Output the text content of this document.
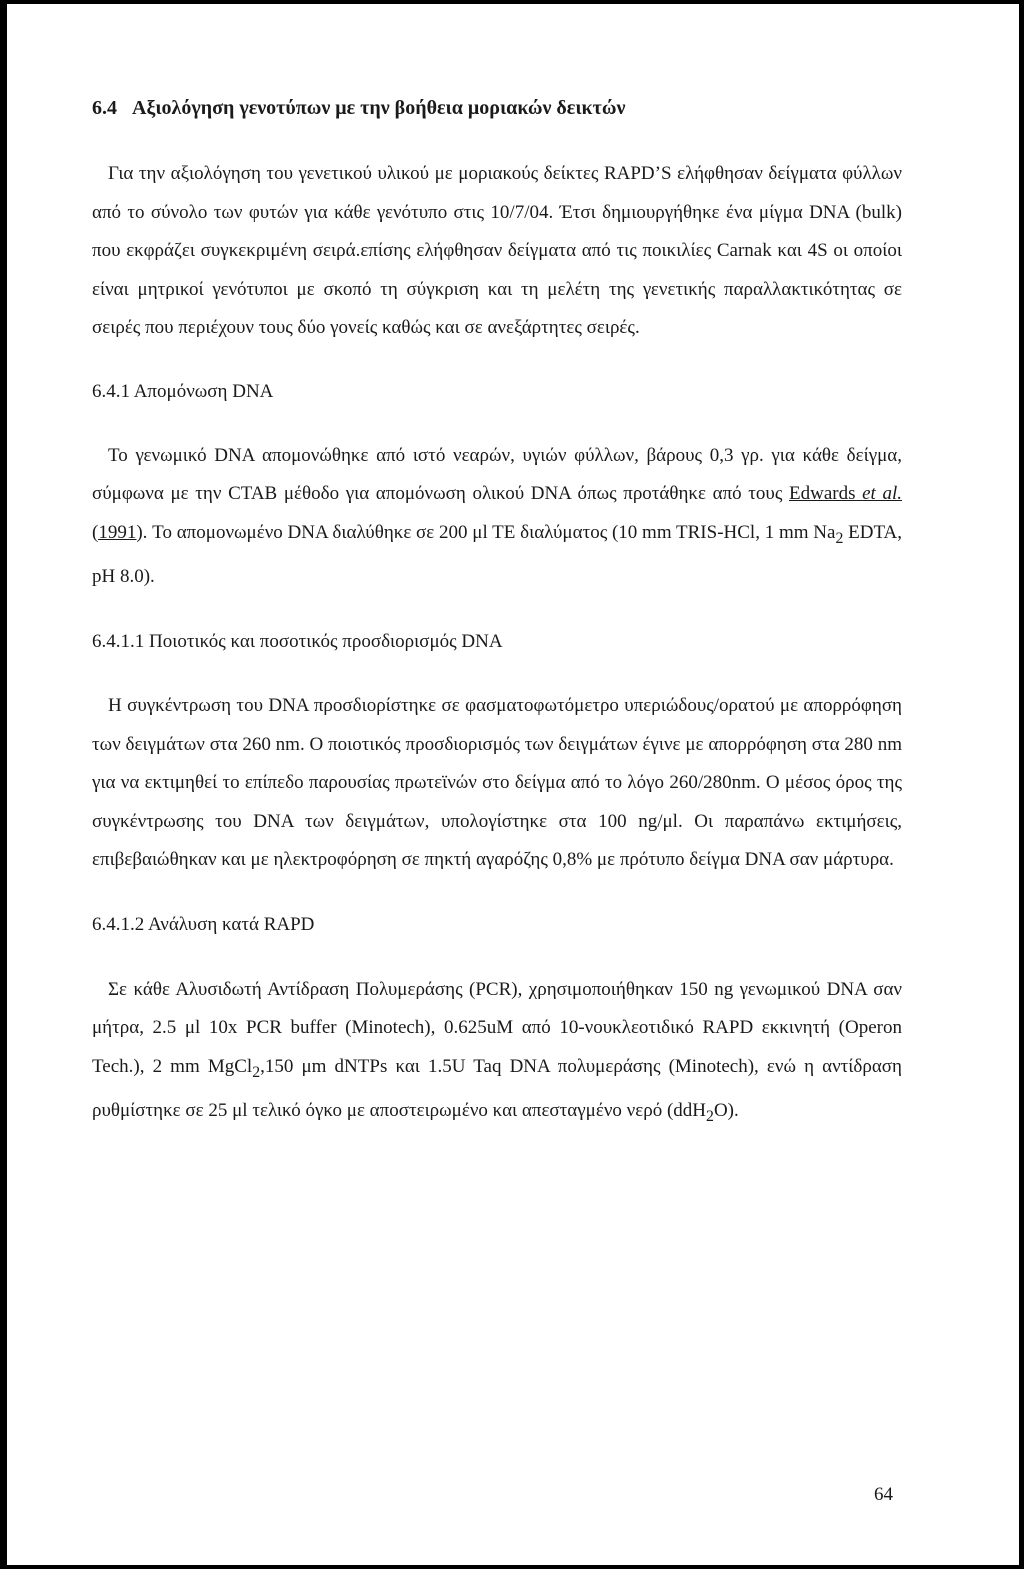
6.4 Αξιολόγηση γενοτύπων με την βοήθεια μοριακών δεικτών

Για την αξιολόγηση του γενετικού υλικού με μοριακούς δείκτες RAPD’S ελήφθησαν δείγματα φύλλων από το σύνολο των φυτών για κάθε γενότυπο στις 10/7/04. Έτσι δημιουργήθηκε ένα μίγμα DNA (bulk) που εκφράζει συγκεκριμένη σειρά.επίσης ελήφθησαν δείγματα από τις ποικιλίες Carnak και 4S οι οποίοι είναι μητρικοί γενότυποι με σκοπό τη σύγκριση και τη μελέτη της γενετικής παραλλακτικότητας σε σειρές που περιέχουν τους δύο γονείς καθώς και σε ανεξάρτητες σειρές.

6.4.1 Απομόνωση DNA

Το γενωμικό DNA απομονώθηκε από ιστό νεαρών, υγιών φύλλων, βάρους 0,3 γρ. για κάθε δείγμα, σύμφωνα με την CTAB μέθοδο για απομόνωση ολικού DNA όπως προτάθηκε από τους Edwards et al. (1991). Το απομονωμένο DNA διαλύθηκε σε 200 μl TE διαλύματος (10 mm TRIS-HCl, 1 mm $Na_2$ EDTA, pH 8.0).

6.4.1.1 Ποιοτικός και ποσοτικός προσδιορισμός DNA

Η συγκέντρωση του DNA προσδιορίστηκε σε φασματοφωτόμετρο υπεριώδους/ορατού με απορρόφηση των δειγμάτων στα 260 nm. Ο ποιοτικός προσδιορισμός των δειγμάτων έγινε με απορρόφηση στα 280 nm για να εκτιμηθεί το επίπεδο παρουσίας πρωτεϊνών στο δείγμα από το λόγο 260/280nm. Ο μέσος όρος της συγκέντρωσης του DNA των δειγμάτων, υπολογίστηκε στα 100 ng/μl. Οι παραπάνω εκτιμήσεις, επιβεβαιώθηκαν και με ηλεκτροφόρηση σε πηκτή αγαρόζης 0,8% με πρότυπο δείγμα DNA σαν μάρτυρα.

6.4.1.2 Ανάλυση κατά RAPD

Σε κάθε Αλυσιδωτή Αντίδραση Πολυμεράσης (PCR), χρησιμοποιήθηκαν 150 ng γενωμικού DNA σαν μήτρα, 2.5 μl 10x PCR buffer (Minotech), 0.625uM από 10-νουκλεοτιδικό RAPD εκκινητή (Operon Tech.), 2 mm MgCl$_2$,150 μm dNTPs και 1.5U Taq DNA πολυμεράσης (Minotech), ενώ η αντίδραση ρυθμίστηκε σε 25 μl τελικό όγκο με αποστειρωμένο και απεσταγμένο νερό (ddH$_2$O).

64
